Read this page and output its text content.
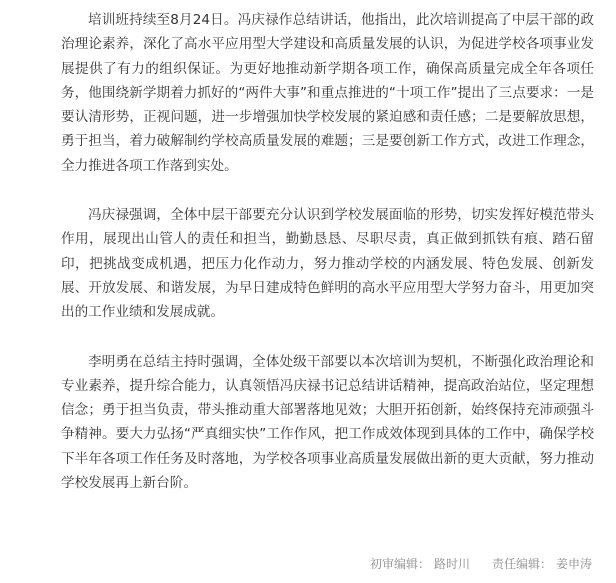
培训班持续至8月24日。冯庆禄作总结讲话，他指出，此次培训提高了中层干部的政治理论素养，深化了高水平应用型大学建设和高质量发展的认识，为促进学校各项事业发展提供了有力的组织保证。为更好地推动新学期各项工作，确保高质量完成全年各项任务，他围绕新学期着力抓好的“两件大事”和重点推进的“十项工作”提出了三点要求：一是要认清形势，正视问题，进一步增强加快学校发展的紧迫感和责任感；二是要解放思想，勇于担当，着力破解制约学校高质量发展的难题；三是要创新工作方式，改进工作理念，全力推进各项工作落到实处。

冯庆禄强调，全体中层干部要充分认识到学校发展面临的形势，切实发挥好模范带头作用，展现出山管人的责任和担当，勤勤恳恳、尽职尽责，真正做到抓铁有痕、踏石留印，把挑战变成机遇，把压力化作动力，努力推动学校的内涵发展、特色发展、创新发展、开放发展、和谐发展，为早日建成特色鲜明的高水平应用型大学努力奋斗，用更加突出的工作业绩和发展成就。

李明勇在总结主持时强调，全体处级干部要以本次培训为契机，不断强化政治理论和专业素养，提升综合能力，认真领悟冯庆禄书记总结讲话精神，提高政治站位，坚定理想信念；勇于担当负责，带头推动重大部署落地见效；大胆开拓创新，始终保持充沛顽强斗争精神。要大力弘扬“严真细实快”工作作风，把工作成效体现到具体的工作中，确保学校下半年各项工作任务及时落地，为学校各项事业高质量发展做出新的更大贡献，努力推动学校发展再上新台阶。

初审编辑： 路时川 责任编辑： 姜申涛
